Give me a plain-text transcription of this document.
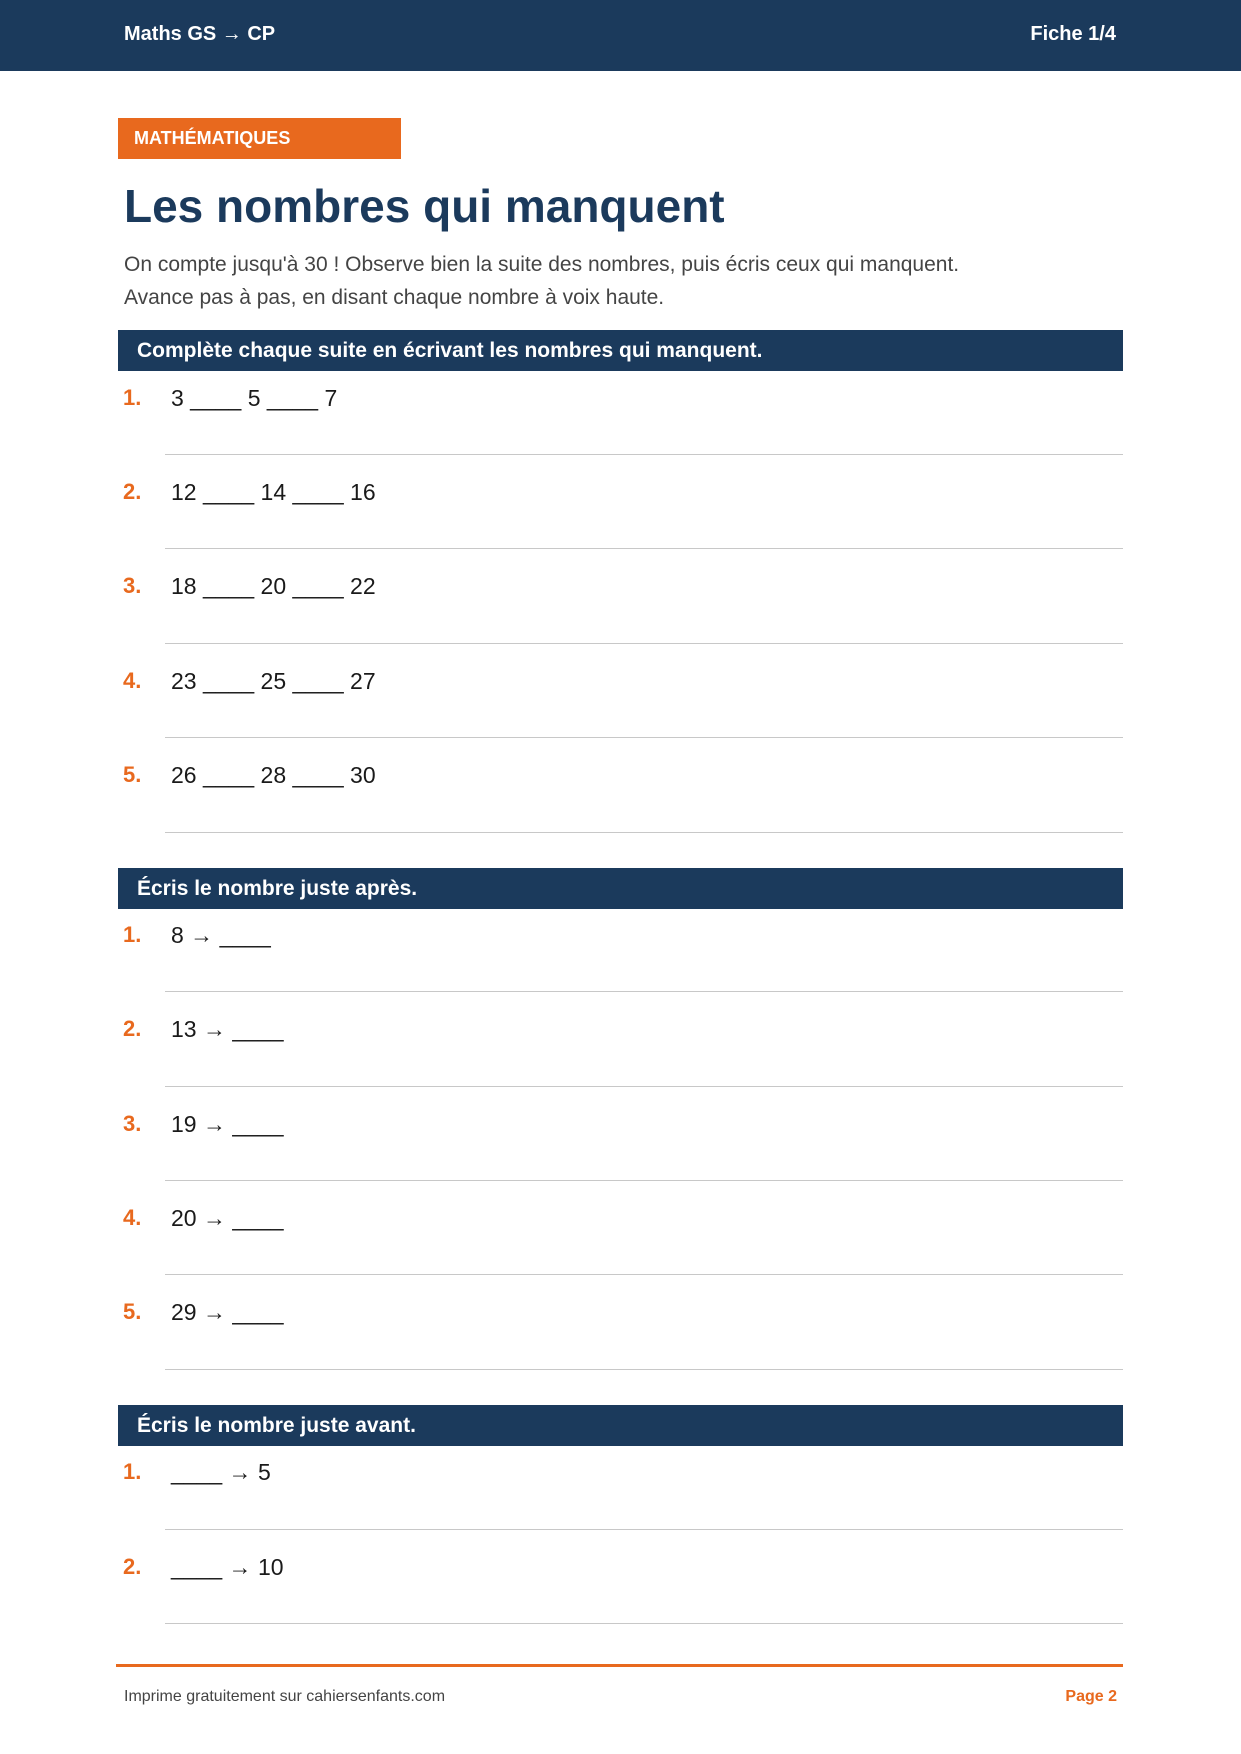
Maths GS → CP	Fiche 1/4
MATHÉMATIQUES
Les nombres qui manquent
On compte jusqu'à 30 ! Observe bien la suite des nombres, puis écris ceux qui manquent.
Avance pas à pas, en disant chaque nombre à voix haute.
Complète chaque suite en écrivant les nombres qui manquent.
1. 3 ____ 5 ____ 7
2. 12 ____ 14 ____ 16
3. 18 ____ 20 ____ 22
4. 23 ____ 25 ____ 27
5. 26 ____ 28 ____ 30
Écris le nombre juste après.
1. 8 → ____
2. 13 → ____
3. 19 → ____
4. 20 → ____
5. 29 → ____
Écris le nombre juste avant.
1. ____ → 5
2. ____ → 10
Imprime gratuitement sur cahiersenfants.com	Page 2
